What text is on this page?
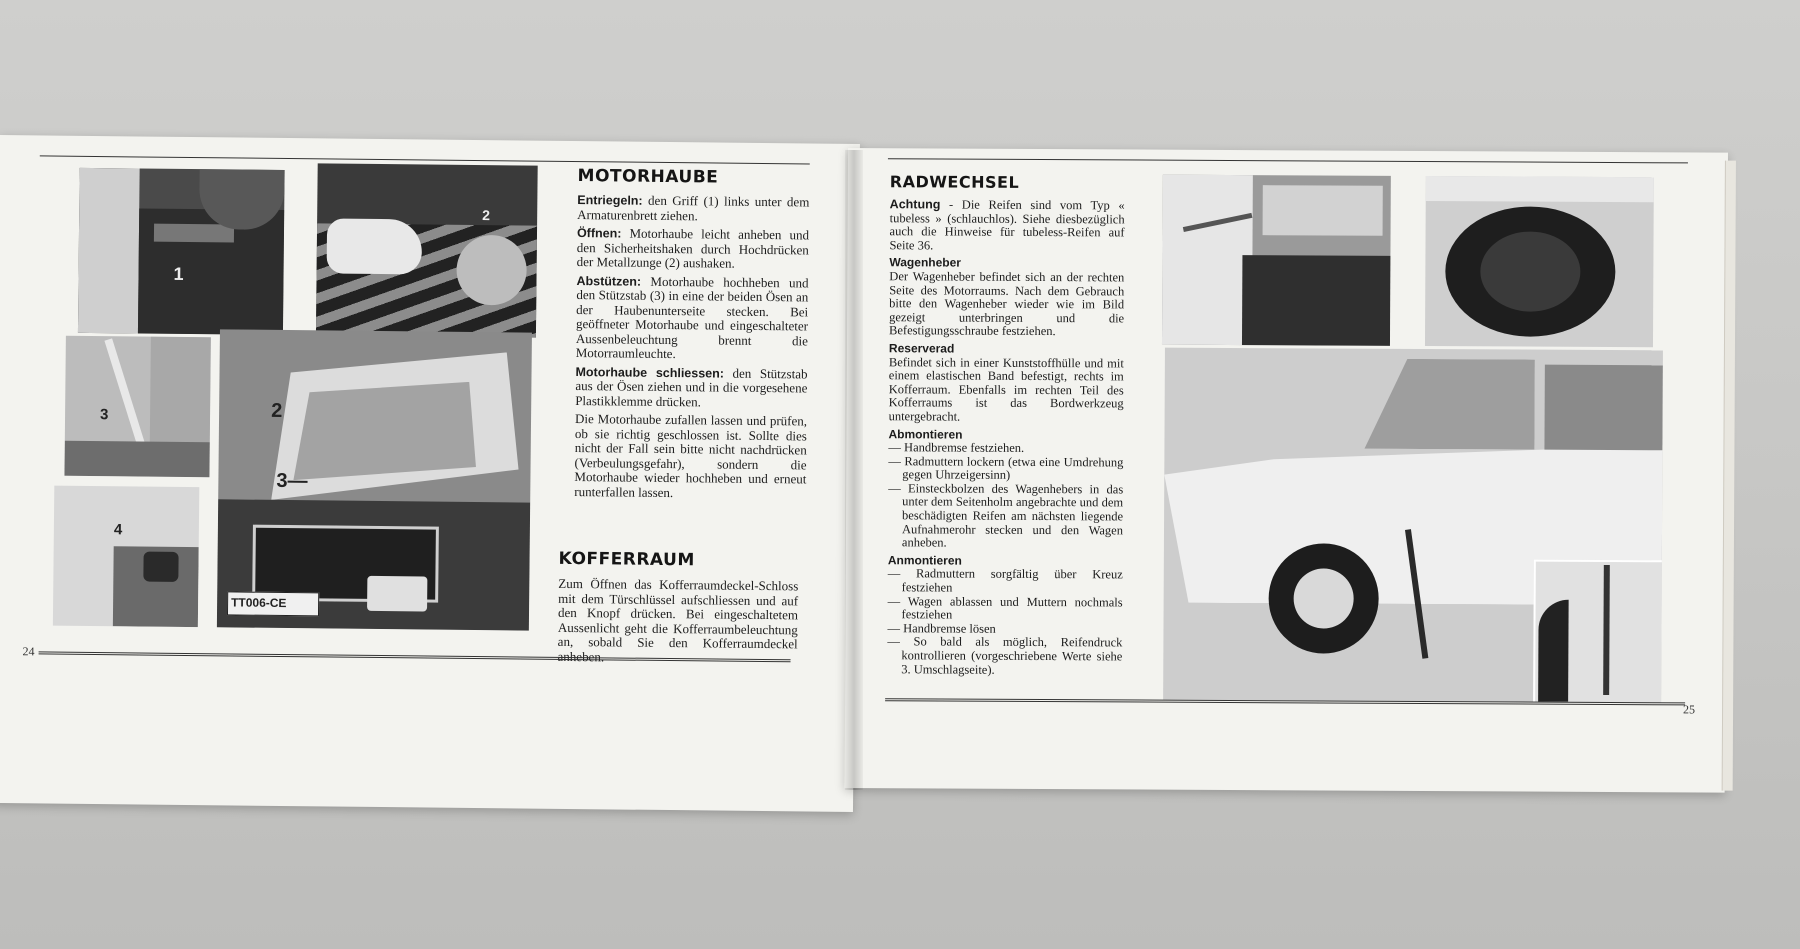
1
2
3
4
TT006-CE
2
3—
MOTORHAUBE

Entriegeln: den Griff (1) links unter dem Armaturenbrett ziehen.

Öffnen: Motorhaube leicht anheben und den Sicherheitshaken durch Hochdrücken der Metallzunge (2) aushaken.

Abstützen: Motorhaube hochheben und den Stützstab (3) in eine der beiden Ösen an der Haubenunterseite stecken. Bei geöffneter Motorhaube und eingeschalteter Aussenbeleuchtung brennt die Motorraumleuchte.

Motorhaube schliessen: den Stützstab aus der Ösen ziehen und in die vorgesehene Plastikklemme drücken.

Die Motorhaube zufallen lassen und prüfen, ob sie richtig geschlossen ist. Sollte dies nicht der Fall sein bitte nicht nachdrücken (Verbeulungsgefahr), sondern die Motorhaube wieder hochheben und erneut runterfallen lassen.

KOFFERRAUM
Zum Öffnen das Kofferraumdeckel-Schloss mit dem Türschlüssel aufschliessen und auf den Knopf drücken. Bei eingeschaltetem Aussenlicht geht die Kofferraumbeleuchtung an, sobald Sie den Kofferraumdeckel anheben.
24
RADWECHSEL

Achtung - Die Reifen sind vom Typ « tubeless » (schlauchlos). Siehe diesbezüglich auch die Hinweise für tubeless-Reifen auf Seite 36.

Wagenheber

Der Wagenheber befindet sich an der rechten Seite des Motorraums. Nach dem Gebrauch bitte den Wagenheber wieder wie im Bild gezeigt unterbringen und die Befestigungsschraube festziehen.

Reserverad

Befindet sich in einer Kunststoffhülle und mit einem elastischen Band befestigt, rechts im Kofferraum. Ebenfalls im rechten Teil des Kofferraums ist das Bordwerkzeug untergebracht.

Abmontieren
— Handbremse festziehen.
— Radmuttern lockern (etwa eine Umdrehung gegen Uhrzeigersinn)
— Einsteckbolzen des Wagenhebers in das unter dem Seitenholm angebrachte und dem beschädigten Reifen am nächsten liegende Aufnahmerohr stecken und den Wagen anheben.
Anmontieren
— Radmuttern sorgfältig über Kreuz festziehen
— Wagen ablassen und Muttern nochmals festziehen
— Handbremse lösen
— So bald als möglich, Reifendruck kontrollieren (vorgeschriebene Werte siehe 3. Umschlagseite).
25
